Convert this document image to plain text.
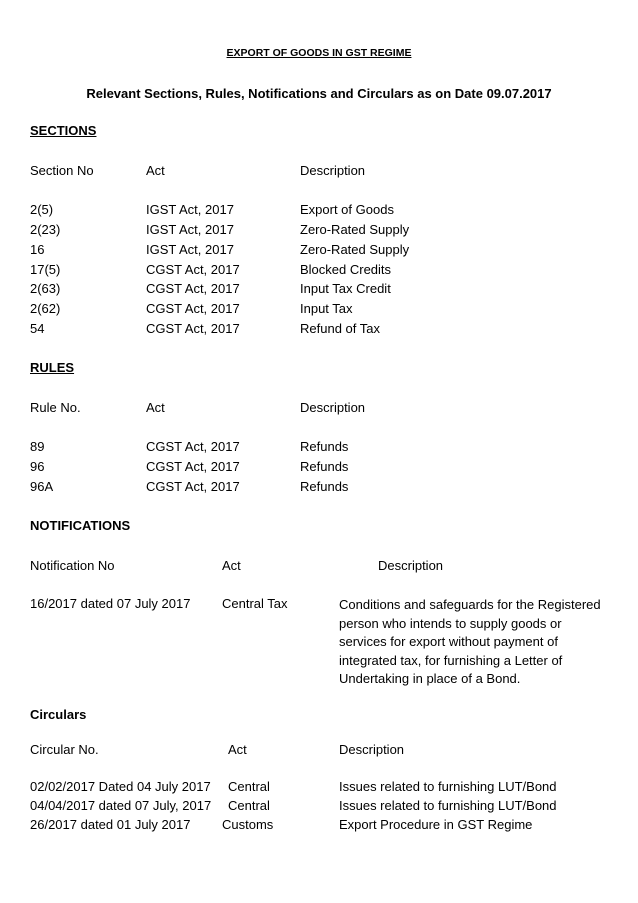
EXPORT OF GOODS IN GST REGIME
Relevant Sections, Rules, Notifications and Circulars as on Date 09.07.2017
SECTIONS
Section No	Act	Description
2(5)	IGST Act, 2017	Export of Goods
2(23)	IGST Act, 2017	Zero-Rated Supply
16	IGST Act, 2017	Zero-Rated Supply
17(5)	CGST Act, 2017	Blocked Credits
2(63)	CGST Act, 2017	Input Tax Credit
2(62)	CGST Act, 2017	Input Tax
54	CGST Act, 2017	Refund of Tax
RULES
Rule No.	Act	Description
89	CGST Act, 2017	Refunds
96	CGST Act, 2017	Refunds
96A	CGST Act, 2017	Refunds
NOTIFICATIONS
Notification No	Act	Description
16/2017 dated 07 July 2017 Central Tax	Conditions and safeguards for the Registered person who intends to supply goods or services for export without payment of integrated tax, for furnishing a Letter of Undertaking in place of a Bond.
Circulars
Circular No.	Act	Description
02/02/2017 Dated 04 July 2017 Central	Issues related to furnishing LUT/Bond
04/04/2017 dated 07 July, 2017 Central	Issues related to furnishing LUT/Bond
26/2017 dated 01 July 2017 Customs	Export Procedure in GST Regime
